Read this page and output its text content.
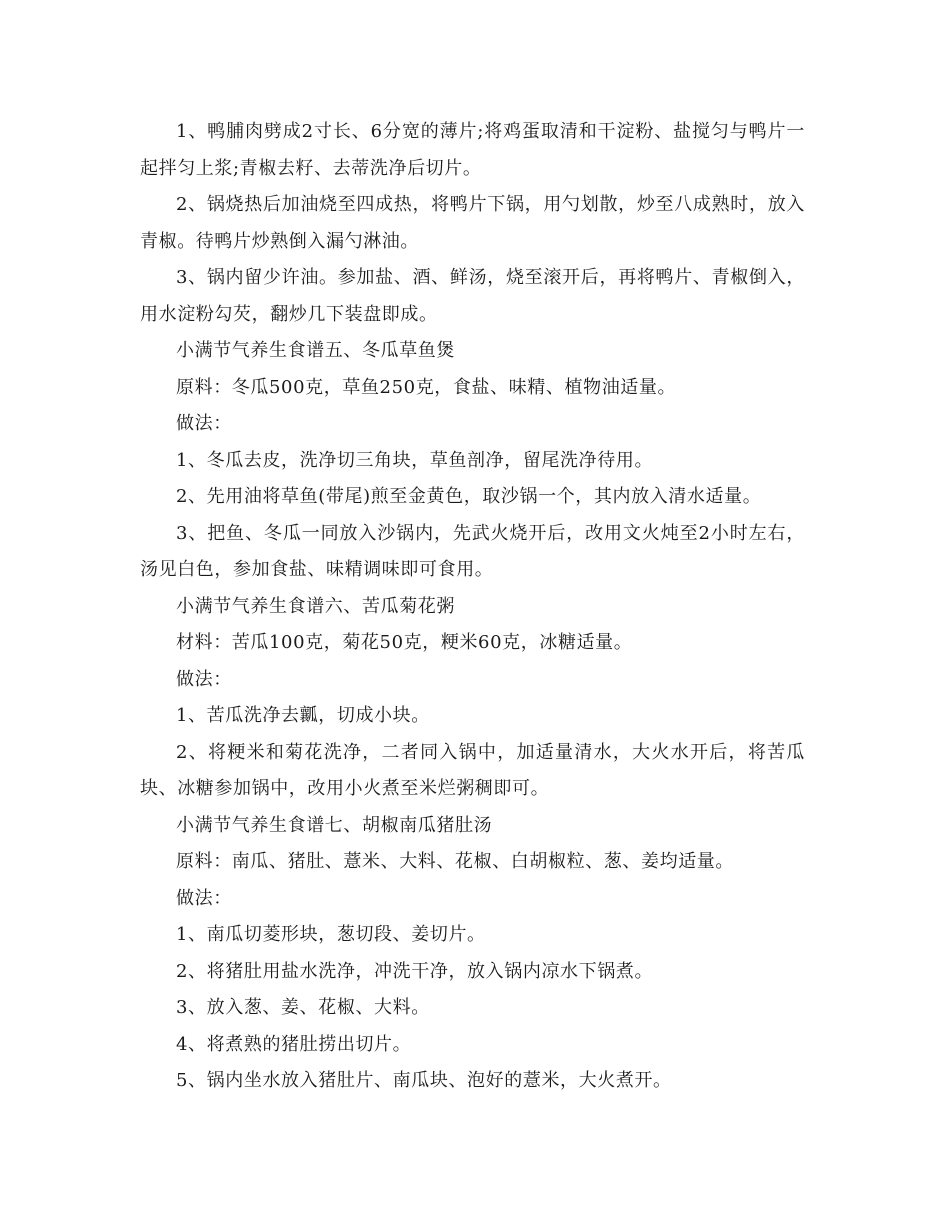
1、鸭脯肉劈成2寸长、6分宽的薄片;将鸡蛋取清和干淀粉、盐搅匀与鸭片一起拌匀上浆;青椒去籽、去蒂洗净后切片。

2、锅烧热后加油烧至四成热，将鸭片下锅，用勺划散，炒至八成熟时，放入青椒。待鸭片炒熟倒入漏勺淋油。

3、锅内留少许油。参加盐、酒、鲜汤，烧至滚开后，再将鸭片、青椒倒入，用水淀粉勾芡，翻炒几下装盘即成。

小满节气养生食谱五、冬瓜草鱼煲

原料：冬瓜500克，草鱼250克，食盐、味精、植物油适量。

做法：

1、冬瓜去皮，洗净切三角块，草鱼剖净，留尾洗净待用。

2、先用油将草鱼(带尾)煎至金黄色，取沙锅一个，其内放入清水适量。

3、把鱼、冬瓜一同放入沙锅内，先武火烧开后，改用文火炖至2小时左右，汤见白色，参加食盐、味精调味即可食用。

小满节气养生食谱六、苦瓜菊花粥

材料：苦瓜100克，菊花50克，粳米60克，冰糖适量。

做法：

1、苦瓜洗净去瓤，切成小块。

2、将粳米和菊花洗净，二者同入锅中，加适量清水，大火水开后，将苦瓜块、冰糖参加锅中，改用小火煮至米烂粥稠即可。

小满节气养生食谱七、胡椒南瓜猪肚汤

原料：南瓜、猪肚、薏米、大料、花椒、白胡椒粒、葱、姜均适量。

做法：

1、南瓜切菱形块，葱切段、姜切片。

2、将猪肚用盐水洗净，冲洗干净，放入锅内凉水下锅煮。

3、放入葱、姜、花椒、大料。

4、将煮熟的猪肚捞出切片。

5、锅内坐水放入猪肚片、南瓜块、泡好的薏米，大火煮开。
